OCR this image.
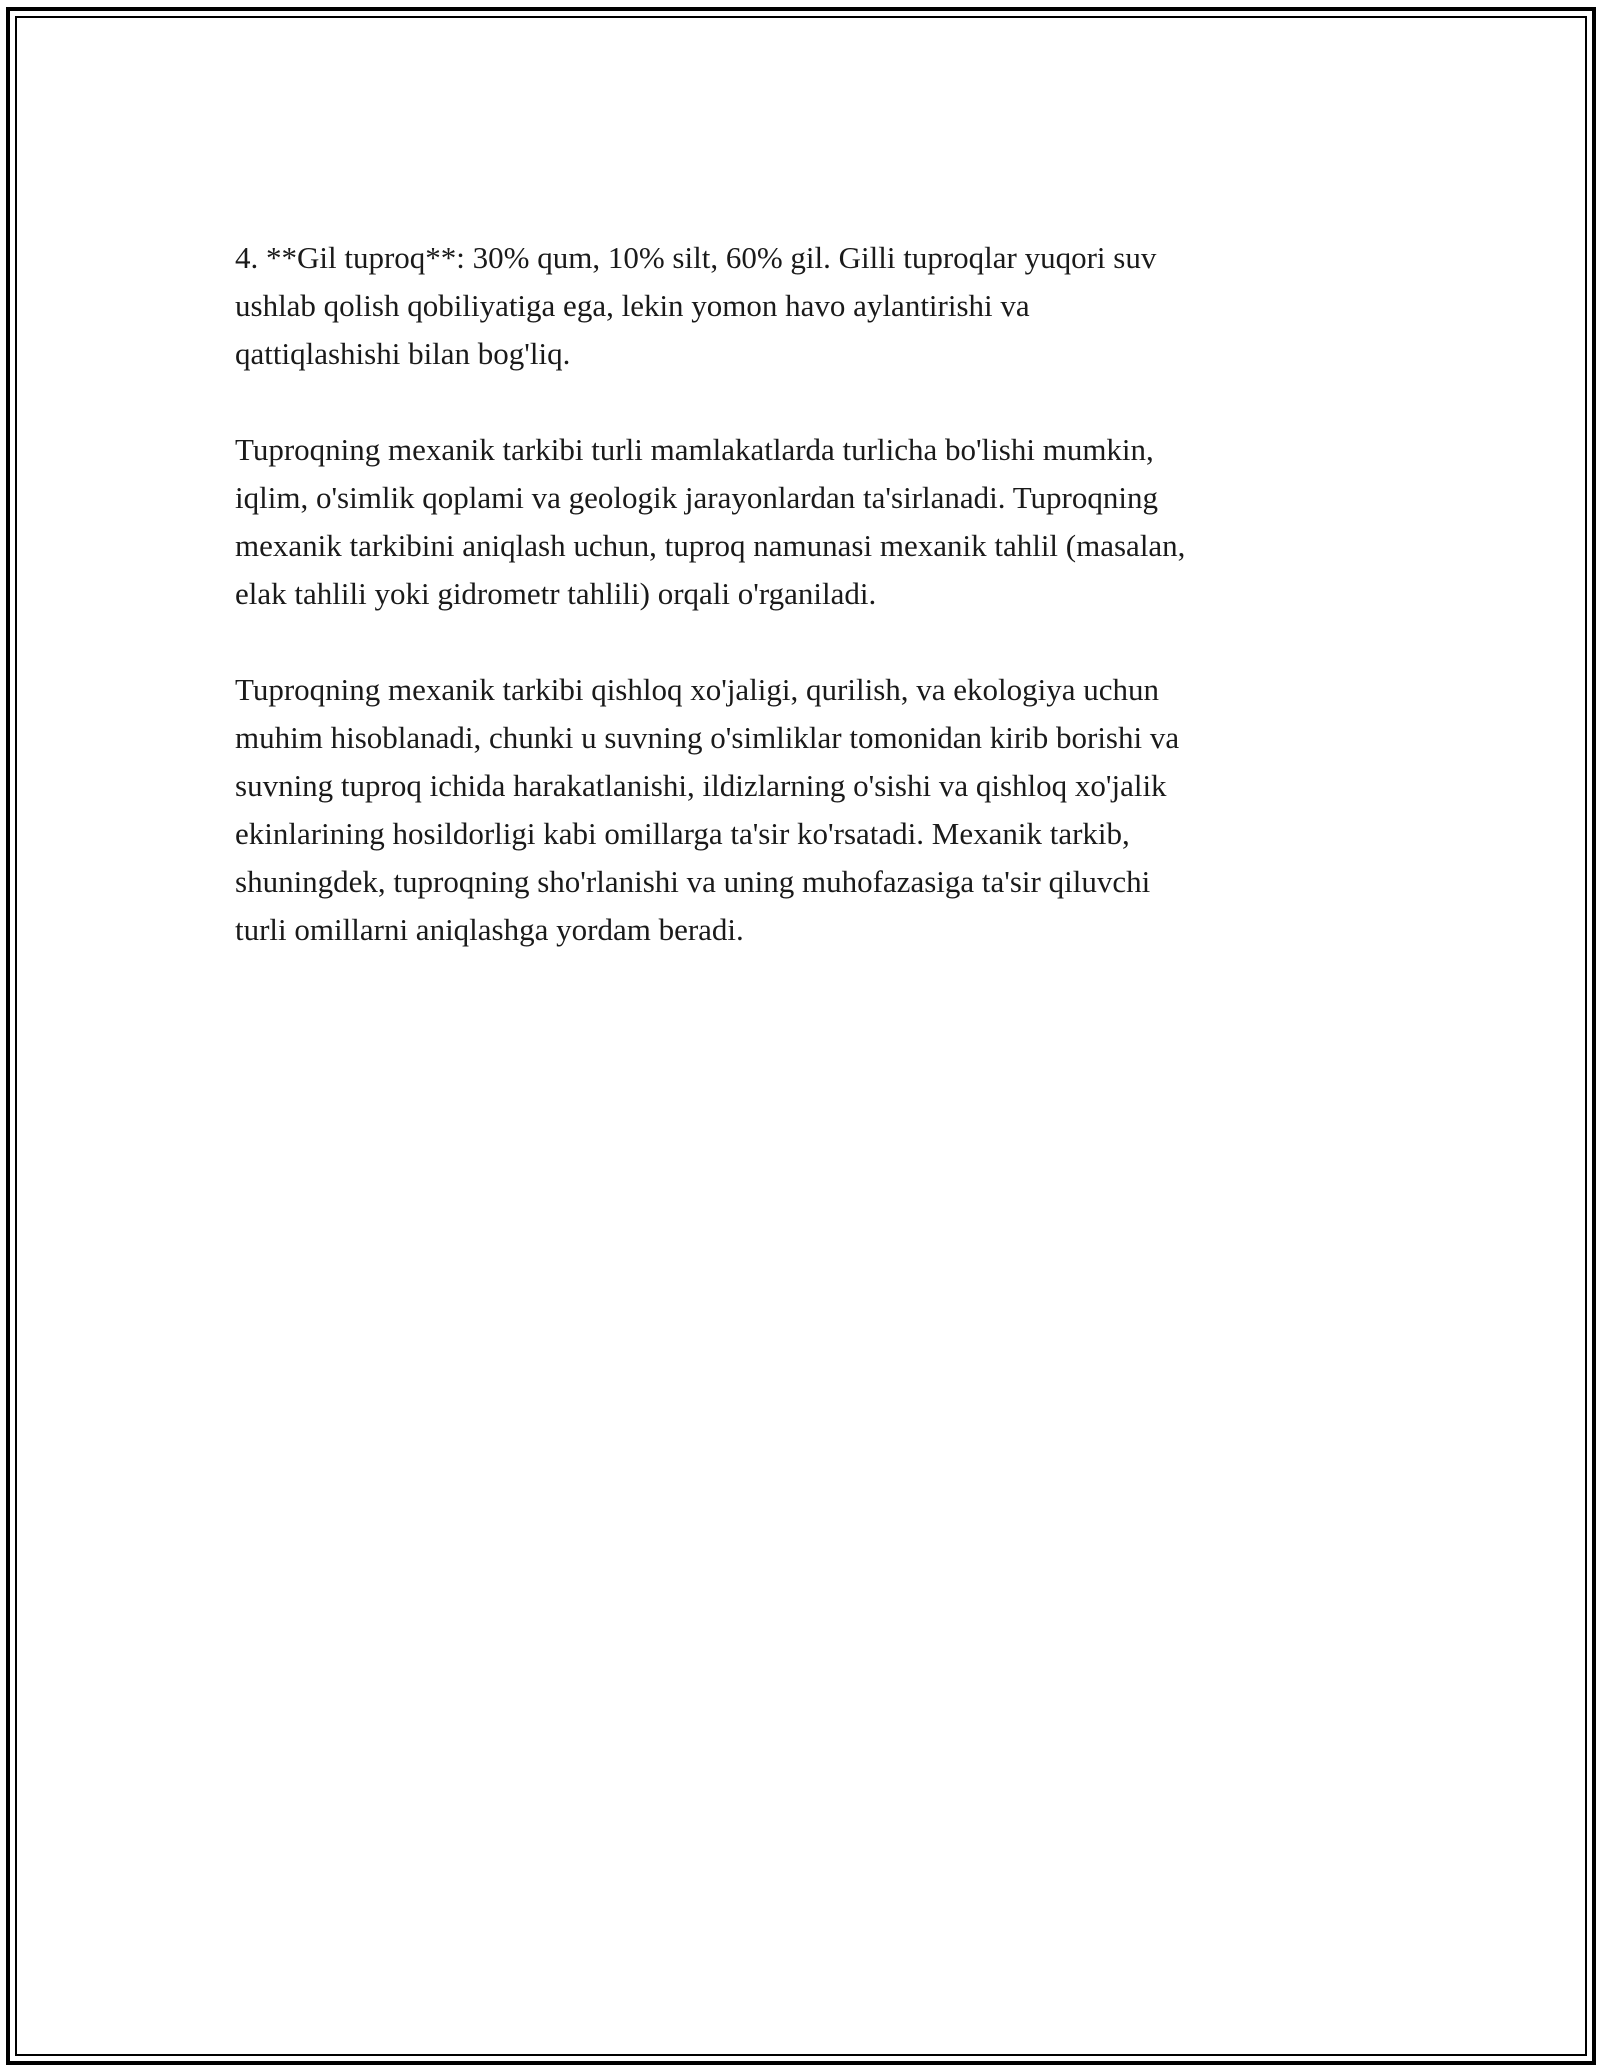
4. **Gil tuproq**: 30% qum, 10% silt, 60% gil. Gilli tuproqlar yuqori suv
ushlab qolish qobiliyatiga ega, lekin yomon havo aylantirishi va
qattiqlashishi bilan bog'liq.

Tuproqning mexanik tarkibi turli mamlakatlarda turlicha bo'lishi mumkin,
iqlim, o'simlik qoplami va geologik jarayonlardan ta'sirlanadi. Tuproqning
mexanik tarkibini aniqlash uchun, tuproq namunasi mexanik tahlil (masalan,
elak tahlili yoki gidrometr tahlili) orqali o'rganiladi.

Tuproqning mexanik tarkibi qishloq xo'jaligi, qurilish, va ekologiya uchun
muhim hisoblanadi, chunki u suvning o'simliklar tomonidan kirib borishi va
suvning tuproq ichida harakatlanishi, ildizlarning o'sishi va qishloq xo'jalik
ekinlarining hosildorligi kabi omillarga ta'sir ko'rsatadi. Mexanik tarkib,
shuningdek, tuproqning sho'rlanishi va uning muhofazasiga ta'sir qiluvchi
turli omillarni aniqlashga yordam beradi.
